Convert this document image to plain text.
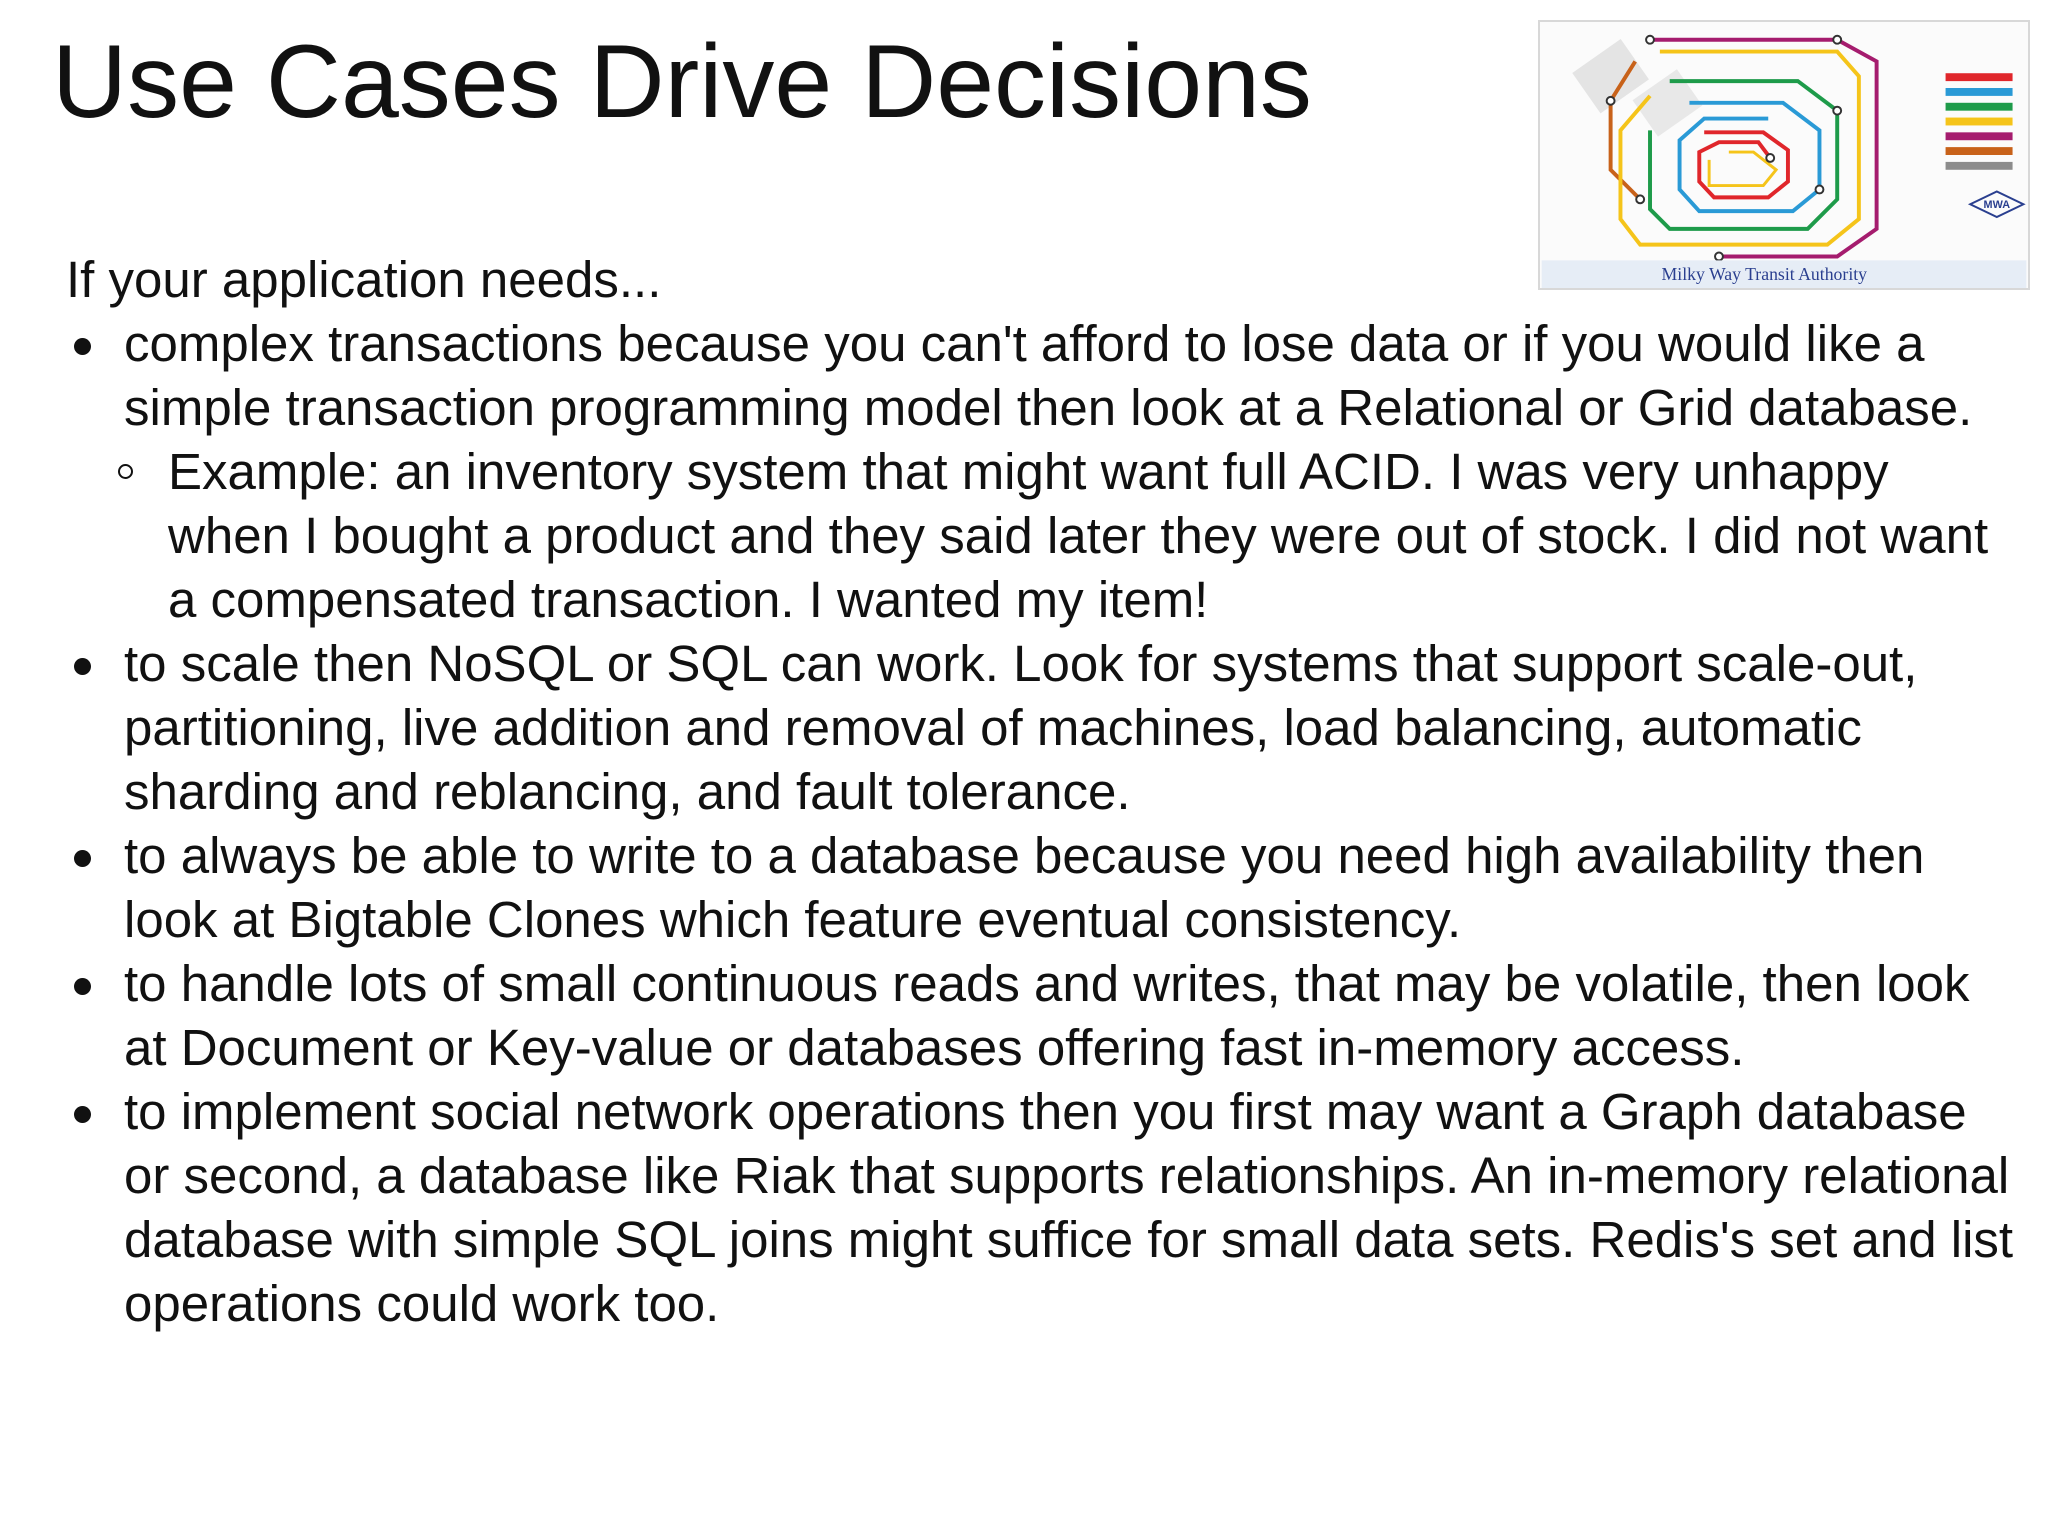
Use Cases Drive Decisions
MWA
Milky Way Transit Authority

If your application needs...

complex transactions because you can't afford to lose data or if you would like a simple transaction programming model then look at a Relational or Grid database.
Example: an inventory system that might want full ACID. I was very unhappy when I bought a product and they said later they were out of stock. I did not want a compensated transaction. I wanted my item!
to scale then NoSQL or SQL can work. Look for systems that support scale-out, partitioning, live addition and removal of machines, load balancing, automatic sharding and reblancing, and fault tolerance.
to always be able to write to a database because you need high availability then look at Bigtable Clones which feature eventual consistency.
to handle lots of small continuous reads and writes, that may be volatile, then look at Document or Key-value or databases offering fast in-memory access.
to implement social network operations then you first may want a Graph database or second, a database like Riak that supports relationships. An in-memory relational database with simple SQL joins might suffice for small data sets. Redis's set and list operations could work too.
